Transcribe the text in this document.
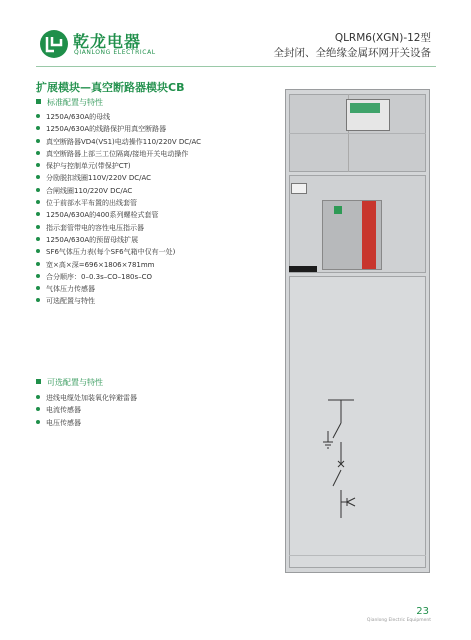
乾龙电器
QIANLONG ELECTRICAL
QLRM6(XGN)-12型
全封闭、全绝缘金属环网开关设备
扩展模块—真空断路器模块CB
标准配置与特性
1250A/630A的母线
1250A/630A的线路保护用真空断路器
真空断路器VD4(VS1)电动操作110/220V DC/AC
真空断路器上部三工位隔离/接地开关电动操作
保护与控制单元(带保护CT)
分励脱扣线圈110V/220V DC/AC
合闸线圈110/220V DC/AC
位于前部水平布置的出线套管
1250A/630A的400系列螺栓式套管
指示套管带电的容性电压指示器
1250A/630A的预留母线扩展
SF6气体压力表(每个SF6气箱中仅有一处)
宽×高×深=696×1806×781mm
合分顺序：0–0.3s–CO–180s–CO
气体压力传感器
可选配置与特性
可选配置与特性
进线电缆处加装氧化锌避雷器
电流传感器
电压传感器
23
Qianlong Electric Equipment
